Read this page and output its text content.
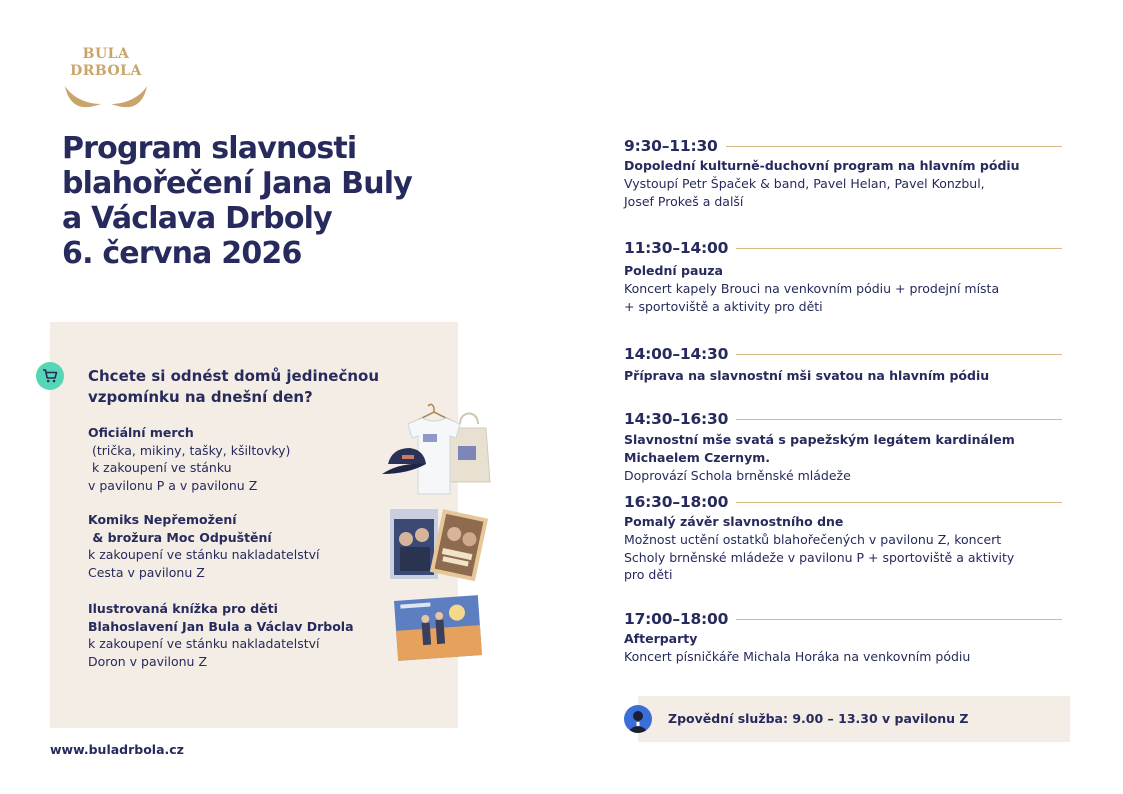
BULA
DRBOLA
Program slavnosti
blahořečení Jana Buly
a Václava Drboly
6. června 2026
Chcete si odnést domů jedinečnou
vzpomínku na dnešní den?
Oficiální merch
(trička, mikiny, tašky, kšiltovky)
k zakoupení ve stánku
v pavilonu P a v pavilonu Z
Komiks Nepřemožení
& brožura Moc Odpuštění
k zakoupení ve stánku nakladatelství
Cesta v pavilonu Z
Ilustrovaná knížka pro děti
Blahoslavení Jan Bula a Václav Drbola
k zakoupení ve stánku nakladatelství
Doron v pavilonu Z
www.buladrbola.cz
9:30–11:30
Dopolední kulturně-duchovní program na hlavním pódiu
Vystoupí Petr Špaček & band, Pavel Helan, Pavel Konzbul,
Josef Prokeš a další
11:30–14:00
Polední pauza
Koncert kapely Brouci na venkovním pódiu + prodejní místa
+ sportoviště a aktivity pro děti
14:00–14:30
Příprava na slavnostní mši svatou na hlavním pódiu
14:30–16:30
Slavnostní mše svatá s papežským legátem kardinálem
Michaelem Czernym.
Doprovází Schola brněnské mládeže
16:30–18:00
Pomalý závěr slavnostního dne
Možnost uctění ostatků blahořečených v pavilonu Z, koncert
Scholy brněnské mládeže v pavilonu P + sportoviště a aktivity
pro děti
17:00–18:00
Afterparty
Koncert písničkáře Michala Horáka na venkovním pódiu
Zpovědní služba: 9.00 – 13.30 v pavilonu Z
